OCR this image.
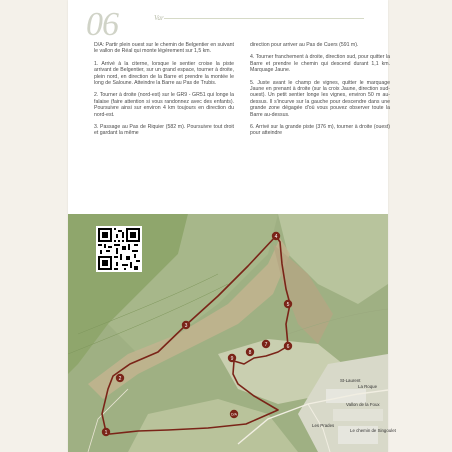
06	Var

D/A: Partir plein ouest sur le chemin de Belgentier en suivant le vallon de Réal qui monte légèrement sur 1,5 km.

1. Arrivé à la citerne, lorsque le sentier croise la piste arrivant de Belgentier, sur un grand espace, tourner à droite, plein nord, en direction de la Barre et prendre la montée le long de Saloune. Atteindre la Barre au Pas de Trubis.

2. Tourner à droite (nord-est) sur le GR9 - GR51 qui longe la falaise (faire attention si vous randonnez avec des enfants). Poursuivre ainsi sur environ 4 km toujours en direction du nord-est.

3. Passage au Pas de Riquier (582 m). Poursuivre tout droit et gardant la même

direction pour arriver au Pas de Cuers (591 m).

4. Tourner franchement à droite, direction sud, pour quitter la Barre et prendre le chemin qui descend durant 1,1 km. Marquage Jaune.

5. Juste avant le champ de vignes, quitter le marquage Jaune en prenant à droite (sur la croix Jaune, direction sud-ouest). Un petit sentier longe les vignes, environ 50 m au-dessus. Il s'incurve sur la gauche pour descendre dans une grande zone dégagée d'où vous pouvez observer toute la Barre au-dessus.

6. Arrivé sur la grande piste (376 m), tourner à droite (ouest) pour atteindre

1
2
3
4
5
6
7
8
9
D/A
St-Laurent
Vallon de la Foux
Les Prades
Le chemin de Singoulet
La Roque
